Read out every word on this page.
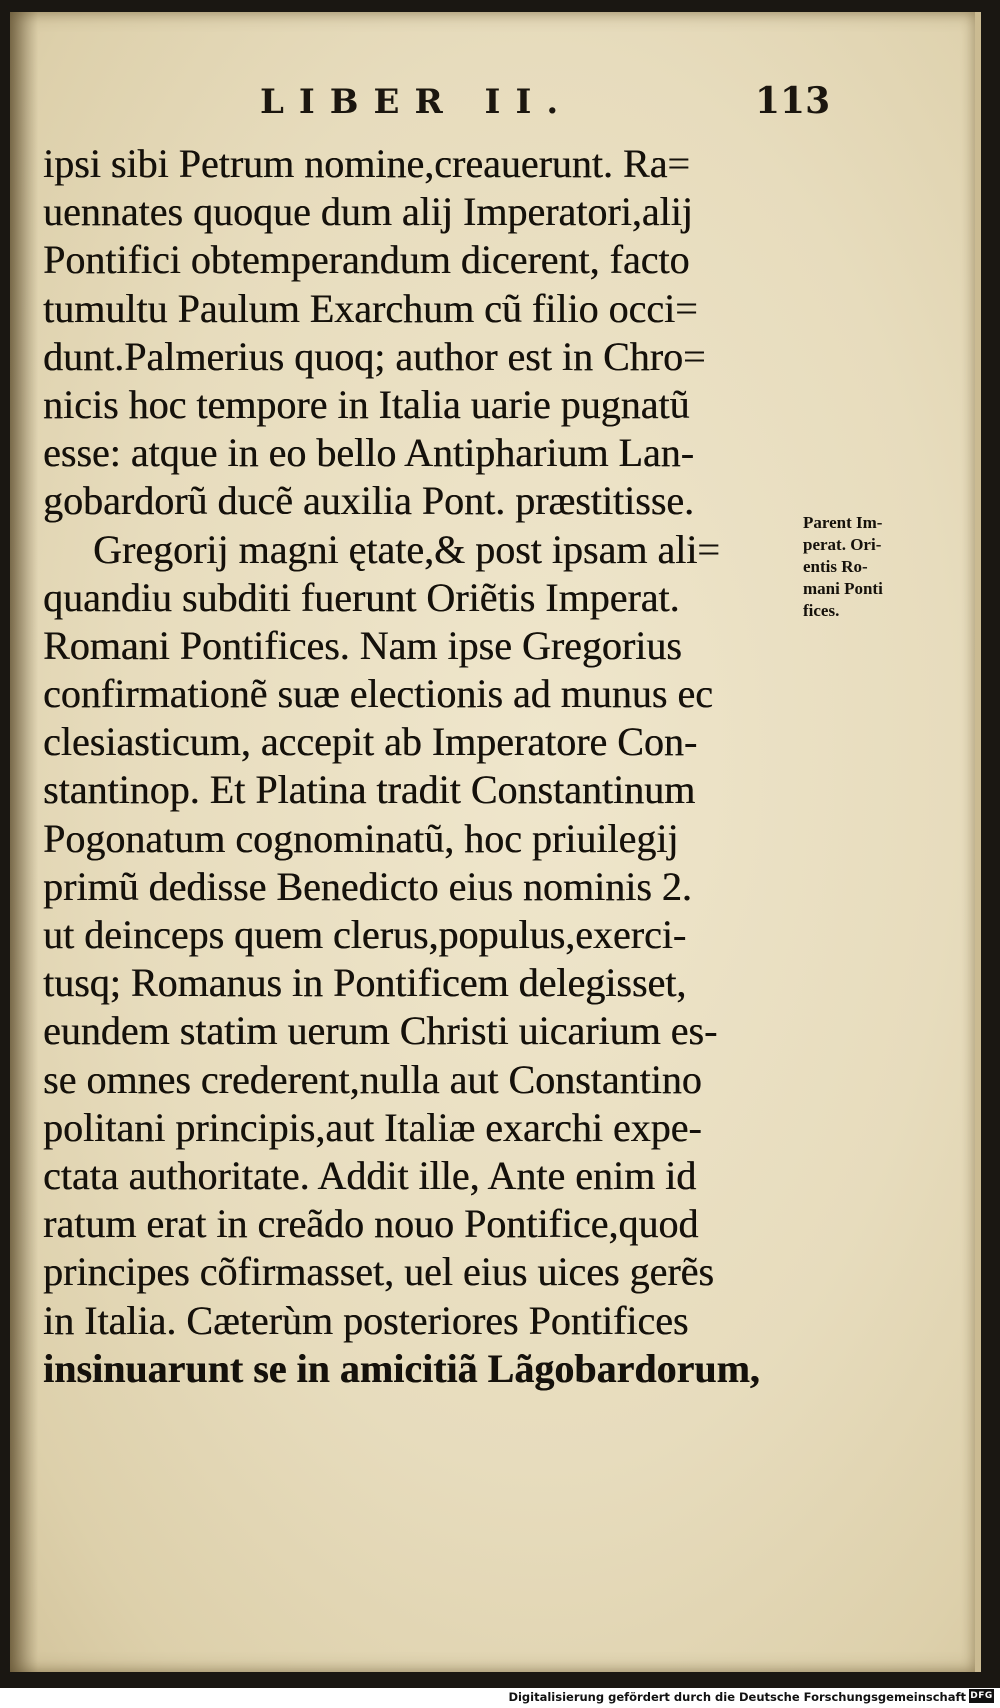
LIBER II.	113
ipsi sibi Petrum nomine,creauerunt. Ra=
uennates quoque dum alij Imperatori,alij
Pontifici obtemperandum dicerent, facto
tumultu Paulum Exarchum cũ filio occi=
dunt.Palmerius quoq; author est in Chro=
nicis hoc tempore in Italia uarie pugnatũ
esse: atque in eo bello Antipharium Lan-
gobardorũ ducẽ auxilia Pont. præstitisse.
Gregorij magni ętate,& post ipsam ali=
quandiu subditi fuerunt Oriẽtis Imperat.
Romani Pontifices. Nam ipse Gregorius
confirmationẽ suæ electionis ad munus ec
clesiasticum, accepit ab Imperatore Con-
stantinop. Et Platina tradit Constantinum
Pogonatum cognominatũ, hoc priuilegij
primũ dedisse Benedicto eius nominis 2.
ut deinceps quem clerus,populus,exerci-
tusq; Romanus in Pontificem delegisset,
eundem statim uerum Christi uicarium es-
se omnes crederent,nulla aut Constantino
politani principis,aut Italiæ exarchi expe-
ctata authoritate. Addit ille, Ante enim id
ratum erat in creãdo nouo Pontifice,quod
principes cõfirmasset, uel eius uices gerẽs
in Italia. Cæterùm posteriores Pontifices
insinuarunt se in amicitiã Lãgobardorum,
Parent Im-
perat. Ori-
entis Ro-
mani Ponti
fices.
Digitalisierung gefördert durch die Deutsche Forschungsgemeinschaft DFG
